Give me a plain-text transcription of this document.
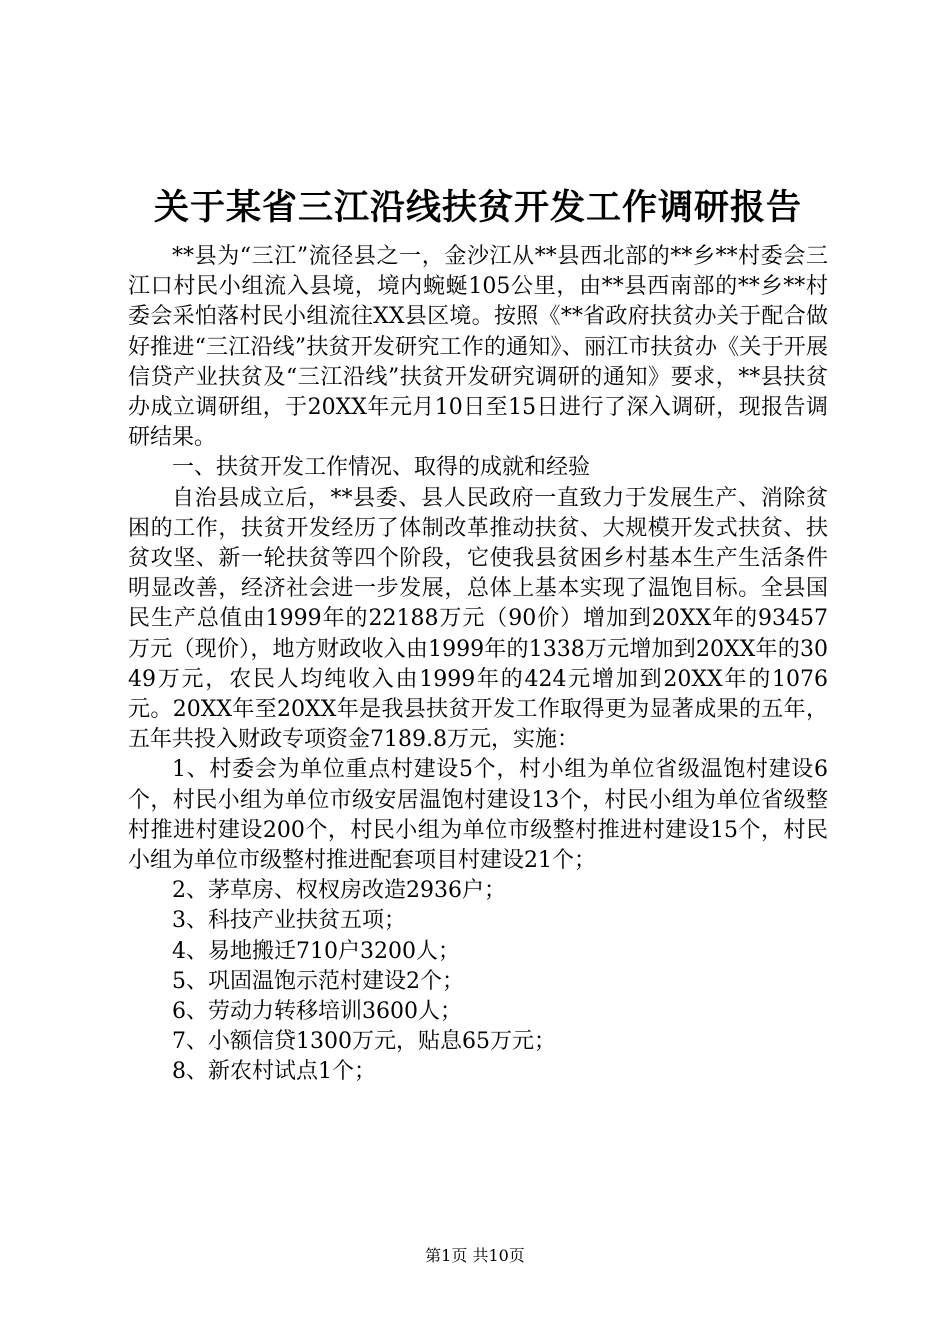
关于某省三江沿线扶贫开发工作调研报告

**县为“三江”流径县之一，金沙江从**县西北部的**乡**村委会三江口村民小组流入县境，境内蜿蜒105公里，由**县西南部的**乡**村委会采怕落村民小组流往XX县区境。按照《**省政府扶贫办关于配合做好推进“三江沿线”扶贫开发研究工作的通知》、丽江市扶贫办《关于开展信贷产业扶贫及“三江沿线”扶贫开发研究调研的通知》要求，**县扶贫办成立调研组，于20XX年元月10日至15日进行了深入调研，现报告调研结果。

一、扶贫开发工作情况、取得的成就和经验

自治县成立后，**县委、县人民政府一直致力于发展生产、消除贫困的工作，扶贫开发经历了体制改革推动扶贫、大规模开发式扶贫、扶贫攻坚、新一轮扶贫等四个阶段，它使我县贫困乡村基本生产生活条件明显改善，经济社会进一步发展，总体上基本实现了温饱目标。全县国民生产总值由1999年的22188万元（90价）增加到20XX年的93457万元（现价），地方财政收入由1999年的1338万元增加到20XX年的3049万元，农民人均纯收入由1999年的424元增加到20XX年的1076元。20XX年至20XX年是我县扶贫开发工作取得更为显著成果的五年，五年共投入财政专项资金7189.8万元，实施：

1、村委会为单位重点村建设5个，村小组为单位省级温饱村建设6个，村民小组为单位市级安居温饱村建设13个，村民小组为单位省级整村推进村建设200个，村民小组为单位市级整村推进村建设15个，村民小组为单位市级整村推进配套项目村建设21个；

2、茅草房、杈杈房改造2936户；

3、科技产业扶贫五项；

4、易地搬迁710户3200人；

5、巩固温饱示范村建设2个；

6、劳动力转移培训3600人；

7、小额信贷1300万元，贴息65万元；

8、新农村试点1个；

第1页 共10页
